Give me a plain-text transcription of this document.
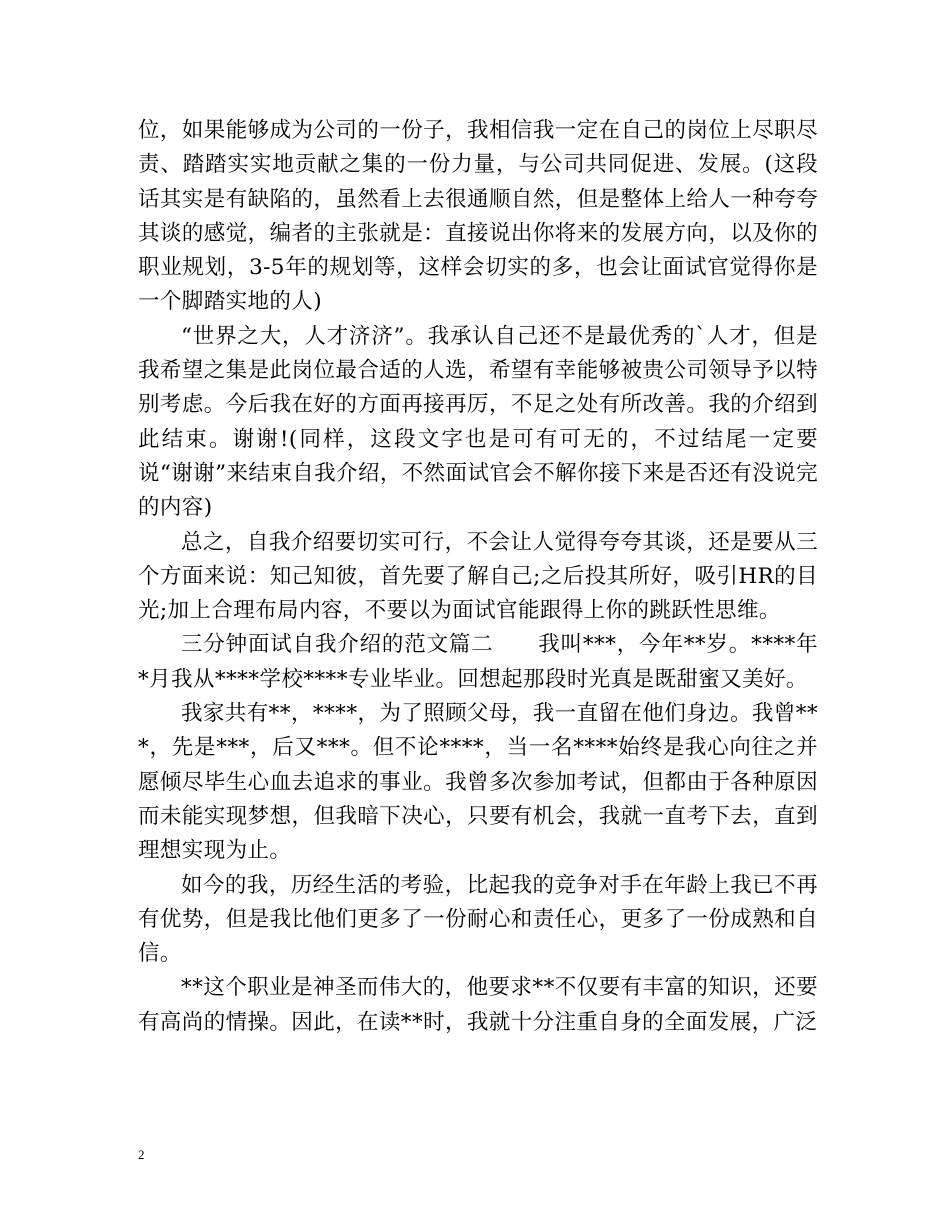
位，如果能够成为公司的一份子，我相信我一定在自己的岗位上尽职尽责、踏踏实实地贡献之集的一份力量，与公司共同促进、发展。(这段话其实是有缺陷的，虽然看上去很通顺自然，但是整体上给人一种夸夸其谈的感觉，编者的主张就是：直接说出你将来的发展方向，以及你的职业规划，3-5年的规划等，这样会切实的多，也会让面试官觉得你是一个脚踏实地的人)

“世界之大，人才济济”。我承认自己还不是最优秀的`人才，但是我希望之集是此岗位最合适的人选，希望有幸能够被贵公司领导予以特别考虑。今后我在好的方面再接再厉，不足之处有所改善。我的介绍到此结束。谢谢!(同样，这段文字也是可有可无的，不过结尾一定要说“谢谢”来结束自我介绍，不然面试官会不解你接下来是否还有没说完的内容)

总之，自我介绍要切实可行，不会让人觉得夸夸其谈，还是要从三个方面来说：知己知彼，首先要了解自己;之后投其所好，吸引HR的目光;加上合理布局内容，不要以为面试官能跟得上你的跳跃性思维。

三分钟面试自我介绍的范文篇二　　我叫***，今年**岁。****年*月我从****学校****专业毕业。回想起那段时光真是既甜蜜又美好。

我家共有**，****，为了照顾父母，我一直留在他们身边。我曾***，先是***，后又***。但不论****，当一名****始终是我心向往之并愿倾尽毕生心血去追求的事业。我曾多次参加考试，但都由于各种原因而未能实现梦想，但我暗下决心，只要有机会，我就一直考下去，直到理想实现为止。

如今的我，历经生活的考验，比起我的竞争对手在年龄上我已不再有优势，但是我比他们更多了一份耐心和责任心，更多了一份成熟和自信。

**这个职业是神圣而伟大的，他要求**不仅要有丰富的知识，还要有高尚的情操。因此，在读**时，我就十分注重自身的全面发展，广泛

2
